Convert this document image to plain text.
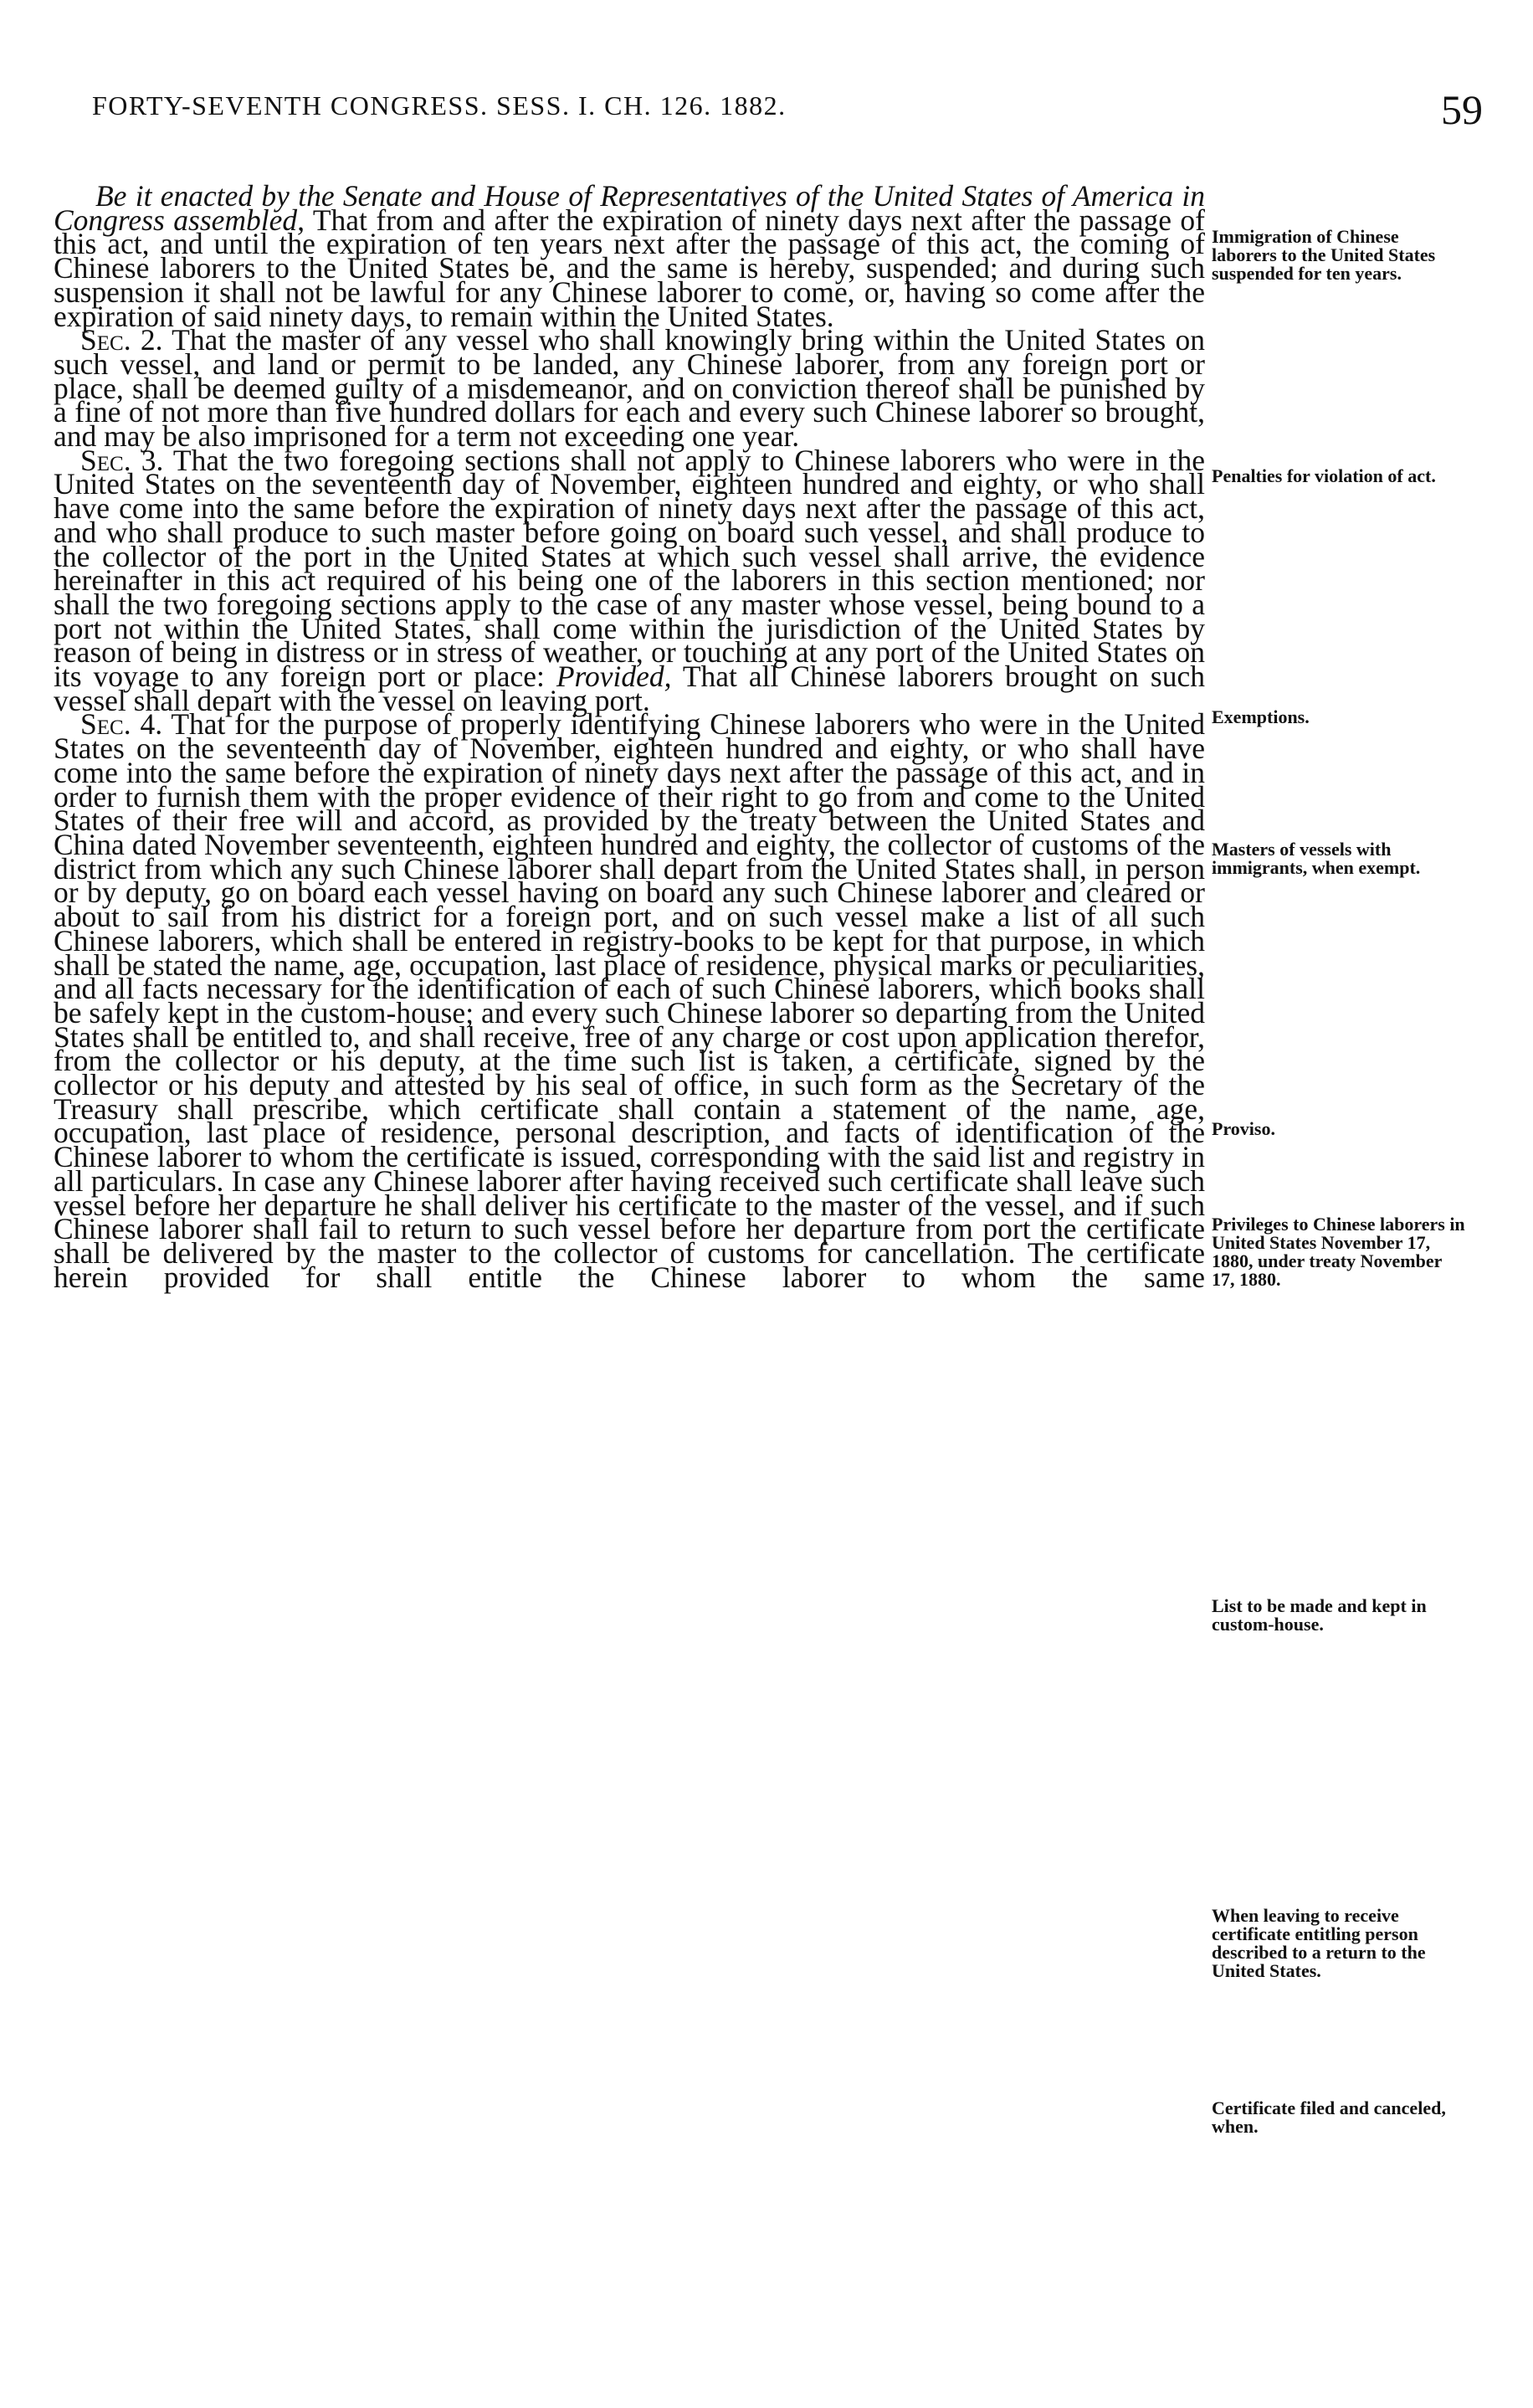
FORTY-SEVENTH CONGRESS. SESS. I. CH. 126. 1882.	59

Be it enacted by the Senate and House of Representatives of the United States of America in Congress assembled, That from and after the expiration of ninety days next after the passage of this act, and until the expiration of ten years next after the passage of this act, the coming of Chinese laborers to the United States be, and the same is hereby, suspended; and during such suspension it shall not be lawful for any Chinese laborer to come, or, having so come after the expiration of said ninety days, to remain within the United States.

Sec. 2. That the master of any vessel who shall knowingly bring within the United States on such vessel, and land or permit to be landed, any Chinese laborer, from any foreign port or place, shall be deemed guilty of a misdemeanor, and on conviction thereof shall be punished by a fine of not more than five hundred dollars for each and every such Chinese laborer so brought, and may be also imprisoned for a term not exceeding one year.

Sec. 3. That the two foregoing sections shall not apply to Chinese laborers who were in the United States on the seventeenth day of November, eighteen hundred and eighty, or who shall have come into the same before the expiration of ninety days next after the passage of this act, and who shall produce to such master before going on board such vessel, and shall produce to the collector of the port in the United States at which such vessel shall arrive, the evidence hereinafter in this act required of his being one of the laborers in this section mentioned; nor shall the two foregoing sections apply to the case of any master whose vessel, being bound to a port not within the United States, shall come within the jurisdiction of the United States by reason of being in distress or in stress of weather, or touching at any port of the United States on its voyage to any foreign port or place: Provided, That all Chinese laborers brought on such vessel shall depart with the vessel on leaving port.

Sec. 4. That for the purpose of properly identifying Chinese laborers who were in the United States on the seventeenth day of November, eighteen hundred and eighty, or who shall have come into the same before the expiration of ninety days next after the passage of this act, and in order to furnish them with the proper evidence of their right to go from and come to the United States of their free will and accord, as provided by the treaty between the United States and China dated November seventeenth, eighteen hundred and eighty, the collector of customs of the district from which any such Chinese laborer shall depart from the United States shall, in person or by deputy, go on board each vessel having on board any such Chinese laborer and cleared or about to sail from his district for a foreign port, and on such vessel make a list of all such Chinese laborers, which shall be entered in registry-books to be kept for that purpose, in which shall be stated the name, age, occupation, last place of residence, physical marks or peculiarities, and all facts necessary for the identification of each of such Chinese laborers, which books shall be safely kept in the custom-house; and every such Chinese laborer so departing from the United States shall be entitled to, and shall receive, free of any charge or cost upon application therefor, from the collector or his deputy, at the time such list is taken, a certificate, signed by the collector or his deputy and attested by his seal of office, in such form as the Secretary of the Treasury shall prescribe, which certificate shall contain a statement of the name, age, occupation, last place of residence, personal description, and facts of identification of the Chinese laborer to whom the certificate is issued, corresponding with the said list and registry in all particulars. In case any Chinese laborer after having received such certificate shall leave such vessel before her departure he shall deliver his certificate to the master of the vessel, and if such Chinese laborer shall fail to return to such vessel before her departure from port the certificate shall be delivered by the master to the collector of customs for cancellation. The certificate herein provided for shall entitle the Chinese laborer to whom the same

Immigration of Chinese laborers to the United States suspended for ten years.
Penalties for violation of act.
Exemptions.
Masters of vessels with immigrants, when exempt.
Proviso.
Privileges to Chinese laborers in United States November 17, 1880, under treaty November 17, 1880.
List to be made and kept in custom-house.
When leaving to receive certificate entitling person described to a return to the United States.
Certificate filed and canceled, when.
